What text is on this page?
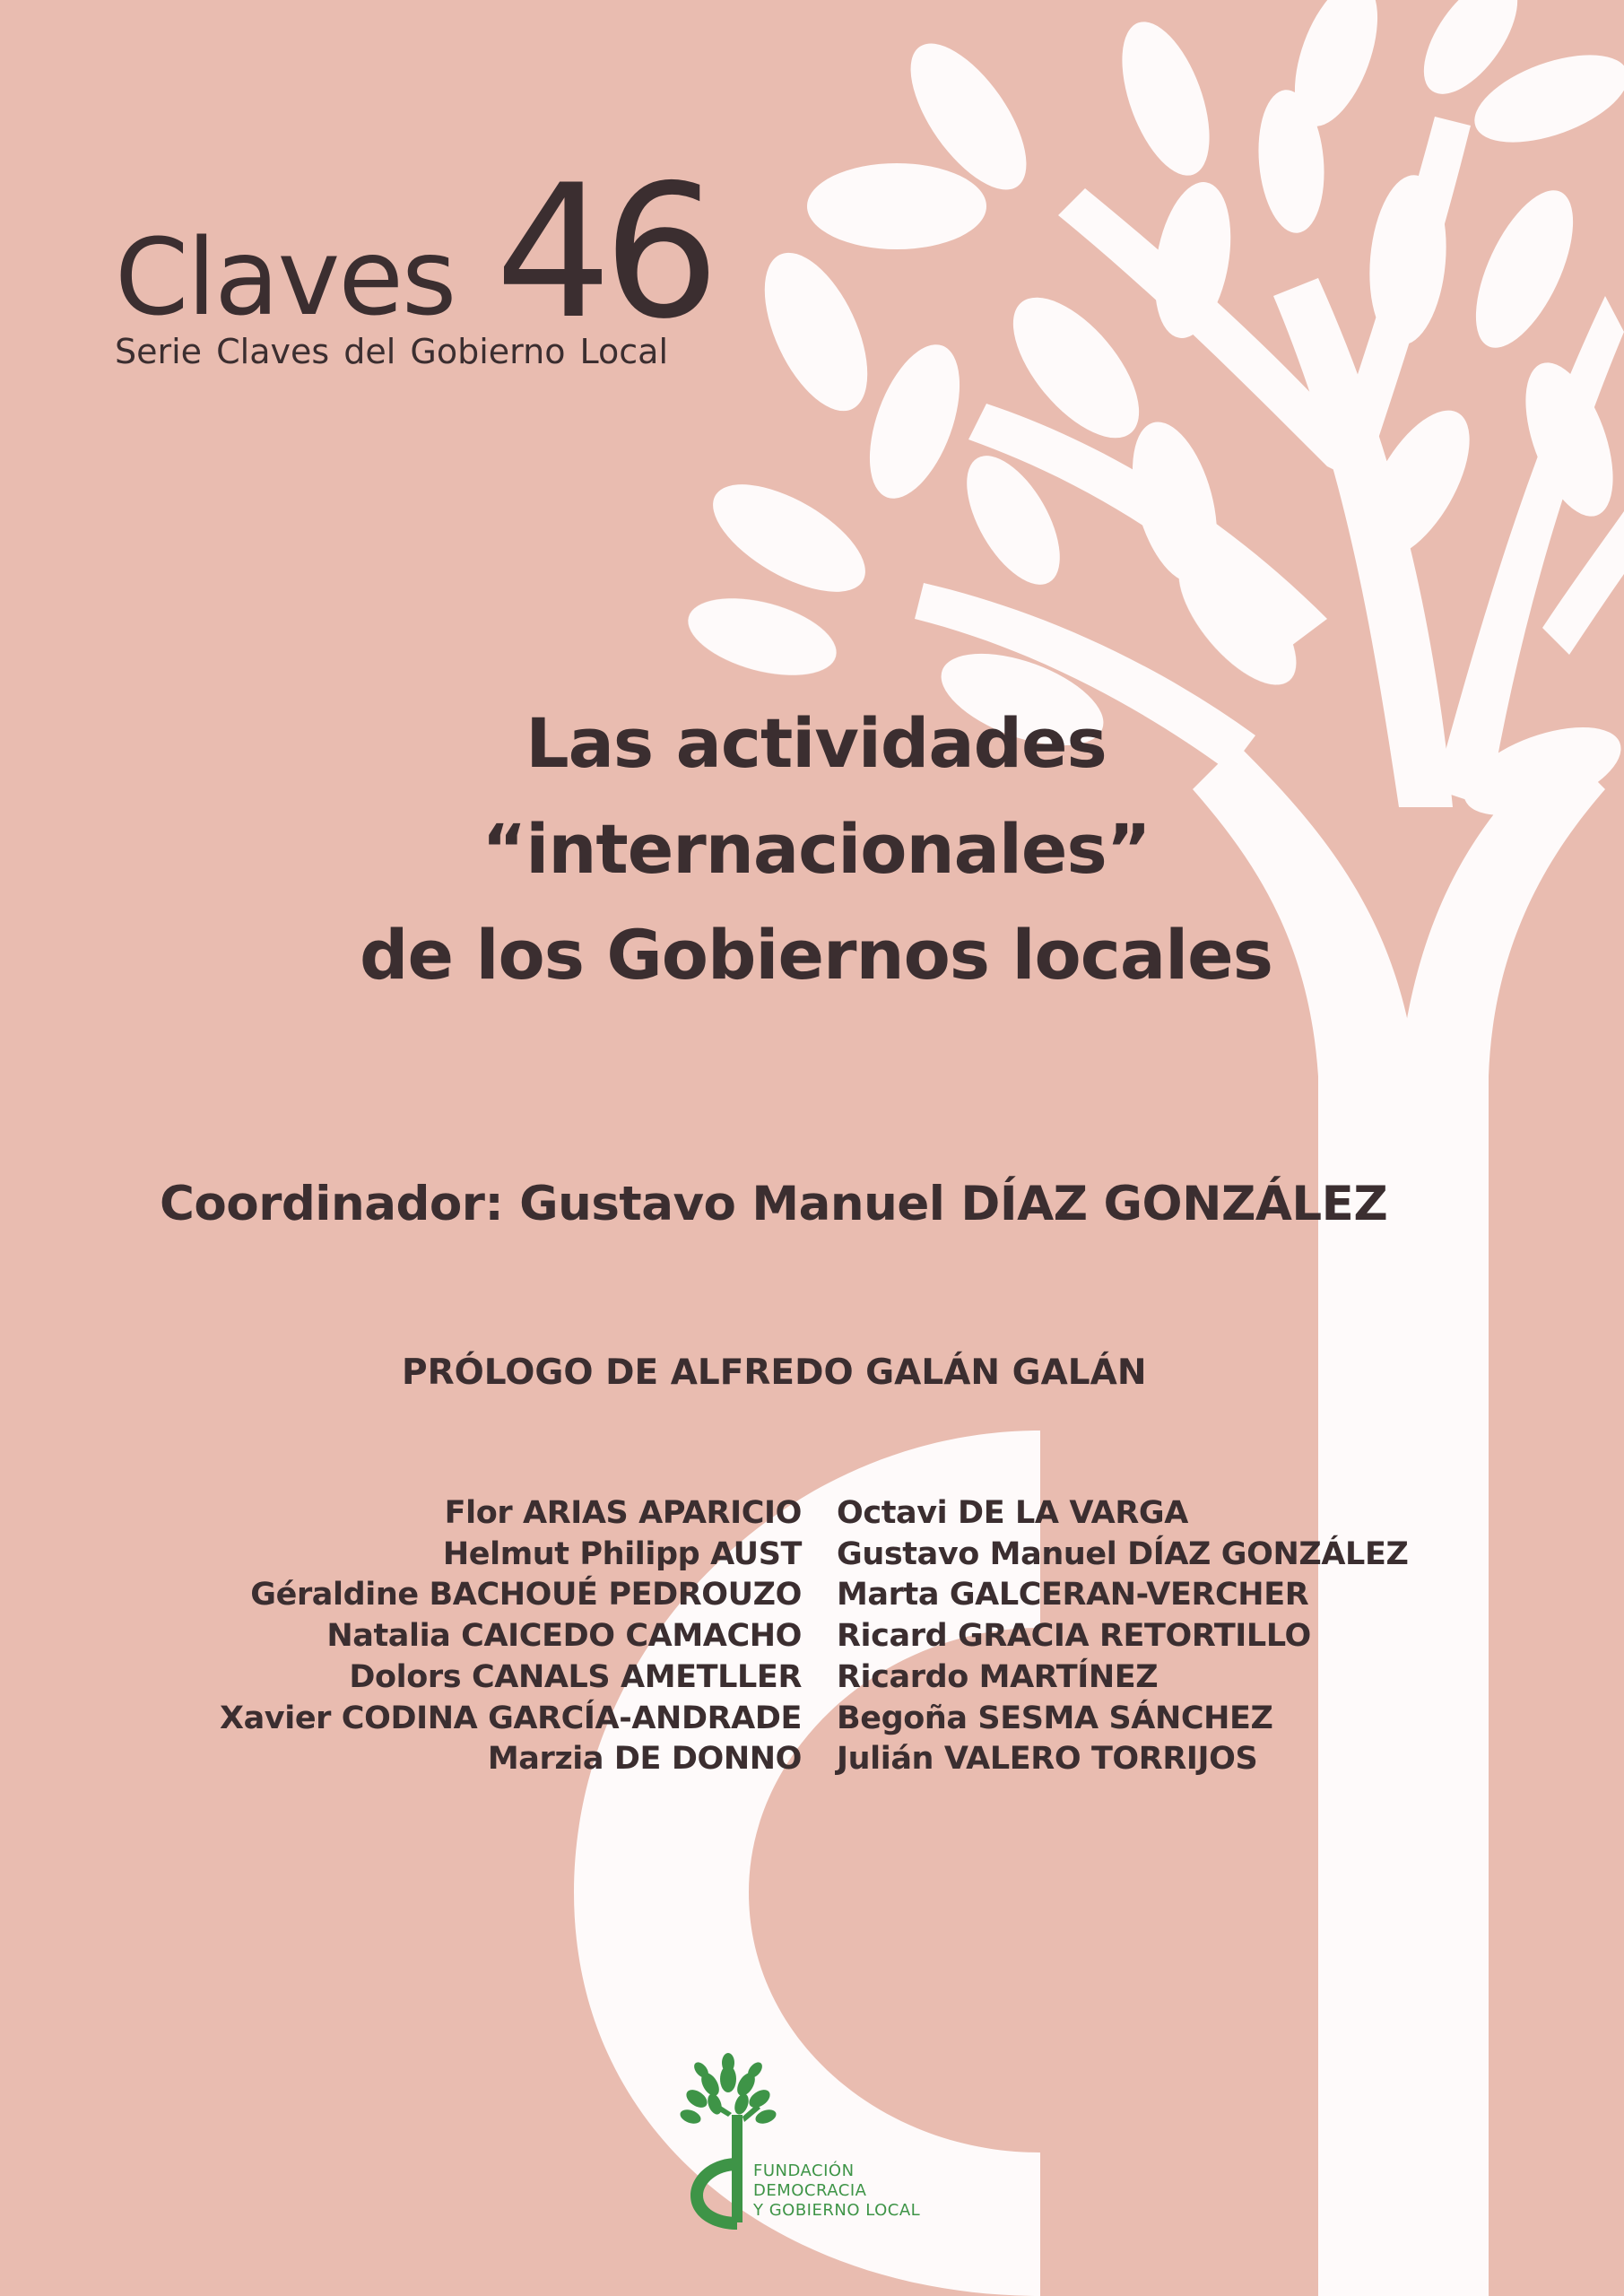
Claves 46
Serie Claves del Gobierno Local
Las actividades
“internacionales”
de los Gobiernos locales
Coordinador: Gustavo Manuel DÍAZ GONZÁLEZ
PRÓLOGO DE ALFREDO GALÁN GALÁN
Flor ARIAS APARICIO
Helmut Philipp AUST
Géraldine BACHOUÉ PEDROUZO
Natalia CAICEDO CAMACHO
Dolors CANALS AMETLLER
Xavier CODINA GARCÍA-ANDRADE
Marzia DE DONNO
Octavi DE LA VARGA
Gustavo Manuel DÍAZ GONZÁLEZ
Marta GALCERAN-VERCHER
Ricard GRACIA RETORTILLO
Ricardo MARTÍNEZ
Begoña SESMA SÁNCHEZ
Julián VALERO TORRIJOS
FUNDACIÓN
DEMOCRACIA
Y GOBIERNO LOCAL
